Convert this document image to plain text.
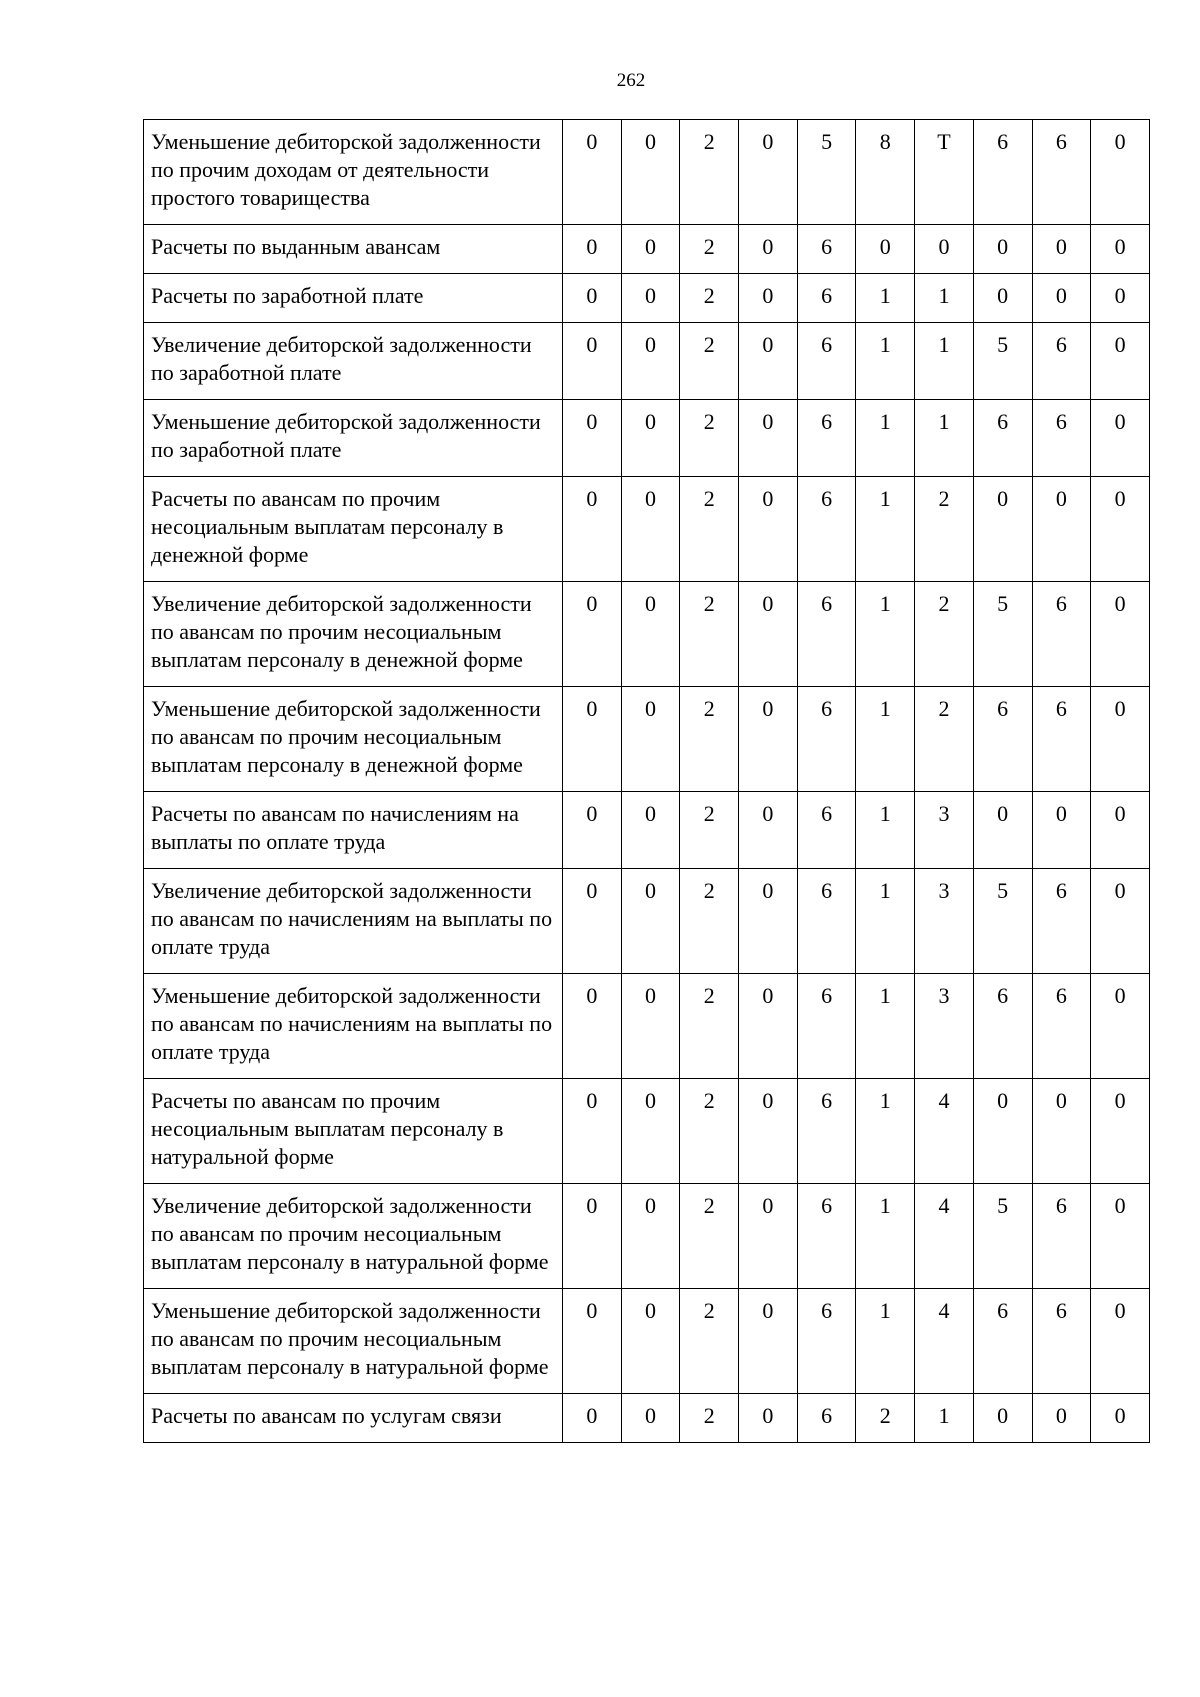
262
Уменьшение дебиторской задолженности по прочим доходам от деятельности простого товарищества	0	0	2	0	5	8	Т	6	6	0
Расчеты по выданным авансам	0	0	2	0	6	0	0	0	0	0
Расчеты по заработной плате	0	0	2	0	6	1	1	0	0	0
Увеличение дебиторской задолженности по заработной плате	0	0	2	0	6	1	1	5	6	0
Уменьшение дебиторской задолженности по заработной плате	0	0	2	0	6	1	1	6	6	0
Расчеты по авансам по прочим несоциальным выплатам персоналу в денежной форме	0	0	2	0	6	1	2	0	0	0
Увеличение дебиторской задолженности по авансам по прочим несоциальным выплатам персоналу в денежной форме	0	0	2	0	6	1	2	5	6	0
Уменьшение дебиторской задолженности по авансам по прочим несоциальным выплатам персоналу в денежной форме	0	0	2	0	6	1	2	6	6	0
Расчеты по авансам по начислениям на выплаты по оплате труда	0	0	2	0	6	1	3	0	0	0
Увеличение дебиторской задолженности по авансам по начислениям на выплаты по оплате труда	0	0	2	0	6	1	3	5	6	0
Уменьшение дебиторской задолженности по авансам по начислениям на выплаты по оплате труда	0	0	2	0	6	1	3	6	6	0
Расчеты по авансам по прочим несоциальным выплатам персоналу в натуральной форме	0	0	2	0	6	1	4	0	0	0
Увеличение дебиторской задолженности по авансам по прочим несоциальным выплатам персоналу в натуральной форме	0	0	2	0	6	1	4	5	6	0
Уменьшение дебиторской задолженности по авансам по прочим несоциальным выплатам персоналу в натуральной форме	0	0	2	0	6	1	4	6	6	0
Расчеты по авансам по услугам связи	0	0	2	0	6	2	1	0	0	0
